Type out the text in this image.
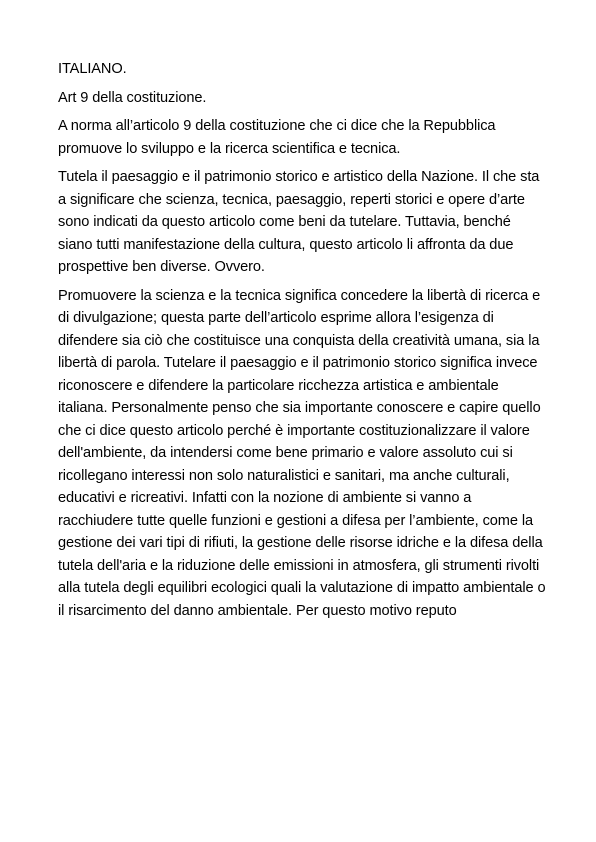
ITALIANO.

Art 9 della costituzione.

A norma all’articolo 9 della costituzione che ci dice che la Repubblica promuove lo sviluppo e la ricerca scientifica e tecnica.

Tutela il paesaggio e il patrimonio storico e artistico della Nazione. Il che sta a significare che scienza, tecnica, paesaggio, reperti storici e opere d’arte sono indicati da questo articolo come beni da tutelare. Tuttavia, benché siano tutti manifestazione della cultura, questo articolo li affronta da due prospettive ben diverse. Ovvero.

Promuovere la scienza e la tecnica significa concedere la libertà di ricerca e di divulgazione; questa parte dell’articolo esprime allora l’esigenza di difendere sia ciò che costituisce una conquista della creatività umana, sia la libertà di parola. Tutelare il paesaggio e il patrimonio storico significa invece riconoscere e difendere la particolare ricchezza artistica e ambientale italiana. Personalmente penso che sia importante conoscere e capire quello che ci dice questo articolo perché è importante costituzionalizzare il valore dell'ambiente, da intendersi come bene primario e valore assoluto cui si ricollegano interessi non solo naturalistici e sanitari, ma anche culturali, educativi e ricreativi. Infatti con la nozione di ambiente si vanno a racchiudere tutte quelle funzioni e gestioni a difesa per l’ambiente, come la gestione dei vari tipi di rifiuti, la gestione delle risorse idriche e la difesa della tutela dell'aria e la riduzione delle emissioni in atmosfera, gli strumenti rivolti alla tutela degli equilibri ecologici quali la valutazione di impatto ambientale o il risarcimento del danno ambientale. Per questo motivo reputo
